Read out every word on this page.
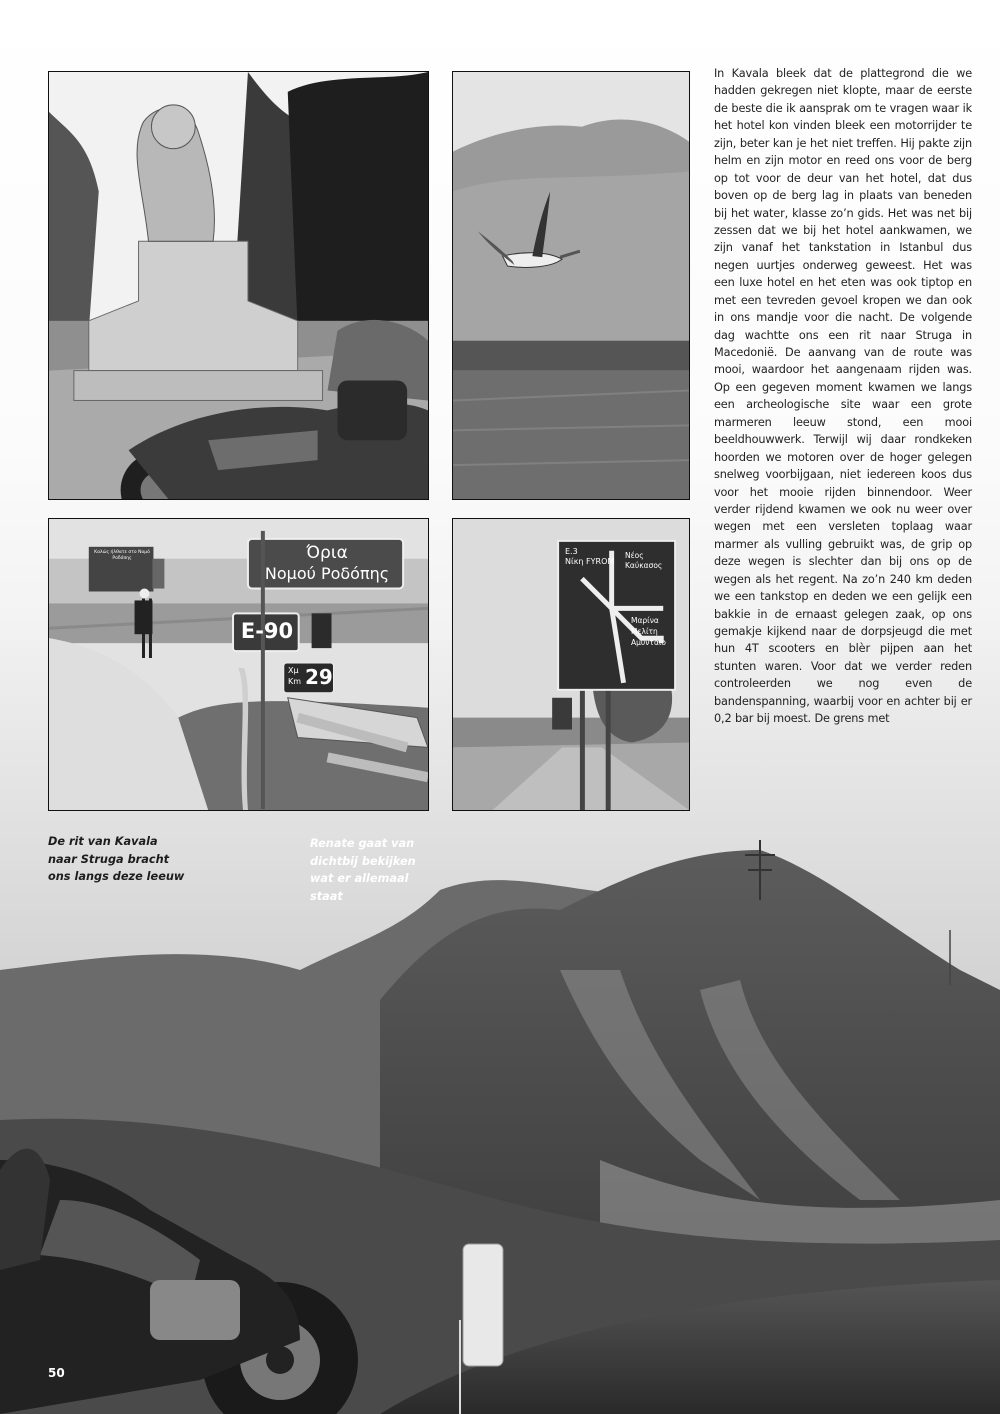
Καλώς ήλθατε στο Νομό Ροδόπης	Όρια
Νομού Ροδόπης
E-90
Χμ
Km 29
E.3
Νίκη FYROM
Νέος Καύκασος
Μαρίνα
Μελίτη
Αμύνταιο

In Kavala bleek dat de plattegrond die we hadden gekregen niet klopte, maar de eerste de beste die ik aansprak om te vragen waar ik het hotel kon vinden bleek een motorrijder te zijn, beter kan je het niet treffen. Hij pakte zijn helm en zijn motor en reed ons voor de berg op tot voor de deur van het hotel, dat dus boven op de berg lag in plaats van beneden bij het water, klasse zo’n gids. Het was net bij zessen dat we bij het hotel aankwamen, we zijn vanaf het tankstation in Istanbul dus negen uurtjes onderweg geweest. Het was een luxe hotel en het eten was ook tiptop en met een tevreden gevoel kropen we dan ook in ons mandje voor die nacht. De volgende dag wachtte ons een rit naar Struga in Macedonië. De aanvang van de route was mooi, waardoor het aangenaam rijden was. Op een gegeven moment kwamen we langs een archeologische site waar een grote marmeren leeuw stond, een mooi beeldhouwwerk. Terwijl wij daar rondkeken hoorden we motoren over de hoger gelegen snelweg voorbijgaan, niet iedereen koos dus voor het mooie rijden binnendoor. Weer verder rijdend kwamen we ook nu weer over wegen met een versleten toplaag waar marmer als vulling gebruikt was, de grip op deze wegen is slechter dan bij ons op de wegen als het regent. Na zo’n 240 km deden we een tankstop en deden we een gelijk een bakkie in de ernaast gelegen zaak, op ons gemakje kijkend naar de dorpsjeugd die met hun 4T scooters en blèr pijpen aan het stunten waren. Voor dat we verder reden controleerden we nog even de bandenspanning, waarbij voor en achter bij er 0,2 bar bij moest. De grens met

De rit van Kavala naar Struga bracht ons langs deze leeuw

Renate gaat van dichtbij bekijken wat er allemaal staat

50
